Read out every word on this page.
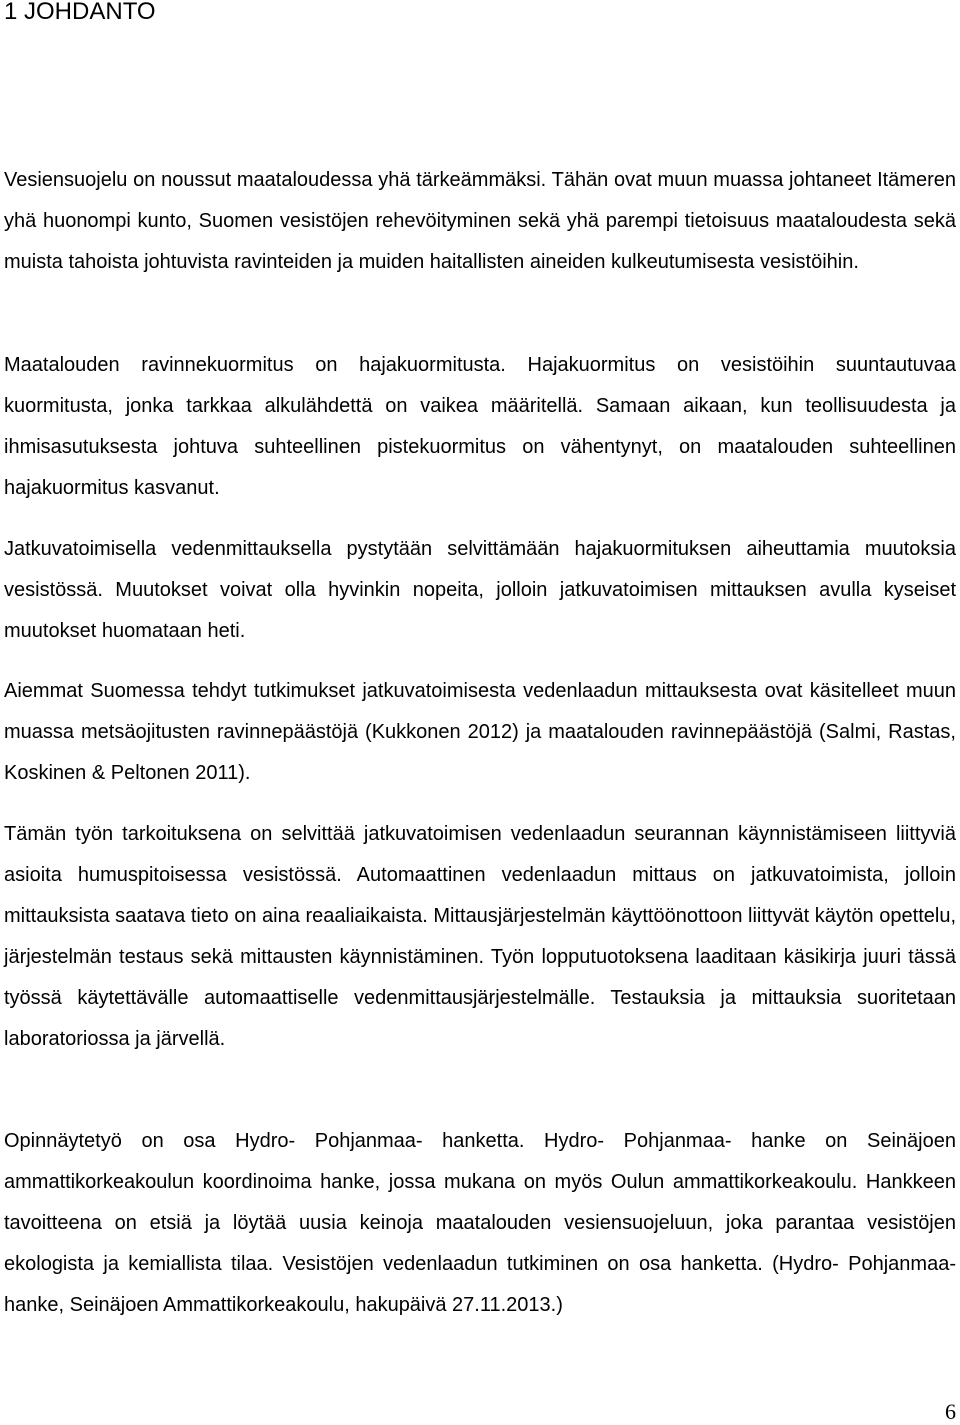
1 JOHDANTO

Vesiensuojelu on noussut maataloudessa yhä tärkeämmäksi. Tähän ovat muun muassa johtaneet Itämeren yhä huonompi kunto, Suomen vesistöjen rehevöityminen sekä yhä parempi tietoisuus maataloudesta sekä muista tahoista johtuvista ravinteiden ja muiden haitallisten aineiden kulkeutumisesta vesistöihin.

Maatalouden ravinnekuormitus on hajakuormitusta. Hajakuormitus on vesistöihin suuntautuvaa kuormitusta, jonka tarkkaa alkulähdettä on vaikea määritellä. Samaan aikaan, kun teollisuudesta ja ihmisasutuksesta johtuva suhteellinen pistekuormitus on vähentynyt, on maatalouden suhteellinen hajakuormitus kasvanut.

Jatkuvatoimisella vedenmittauksella pystytään selvittämään hajakuormituksen aiheuttamia muutoksia vesistössä. Muutokset voivat olla hyvinkin nopeita, jolloin jatkuvatoimisen mittauksen avulla kyseiset muutokset huomataan heti.

Aiemmat Suomessa tehdyt tutkimukset jatkuvatoimisesta vedenlaadun mittauksesta ovat käsitelleet muun muassa metsäojitusten ravinnepäästöjä (Kukkonen 2012) ja maatalouden ravinnepäästöjä (Salmi, Rastas, Koskinen & Peltonen 2011).

Tämän työn tarkoituksena on selvittää jatkuvatoimisen vedenlaadun seurannan käynnistämiseen liittyviä asioita humuspitoisessa vesistössä. Automaattinen vedenlaadun mittaus on jatkuvatoimista, jolloin mittauksista saatava tieto on aina reaaliaikaista. Mittausjärjestelmän käyttöönottoon liittyvät käytön opettelu, järjestelmän testaus sekä mittausten käynnistäminen. Työn lopputuotoksena laaditaan käsikirja juuri tässä työssä käytettävälle automaattiselle vedenmittausjärjestelmälle. Testauksia ja mittauksia suoritetaan laboratoriossa ja järvellä.

Opinnäytetyö on osa Hydro- Pohjanmaa- hanketta. Hydro- Pohjanmaa- hanke on Seinäjoen ammattikorkeakoulun koordinoima hanke, jossa mukana on myös Oulun ammattikorkeakoulu. Hankkeen tavoitteena on etsiä ja löytää uusia keinoja maatalouden vesiensuojeluun, joka parantaa vesistöjen ekologista ja kemiallista tilaa. Vesistöjen vedenlaadun tutkiminen on osa hanketta. (Hydro- Pohjanmaa- hanke, Seinäjoen Ammattikorkeakoulu, hakupäivä 27.11.2013.)

6
